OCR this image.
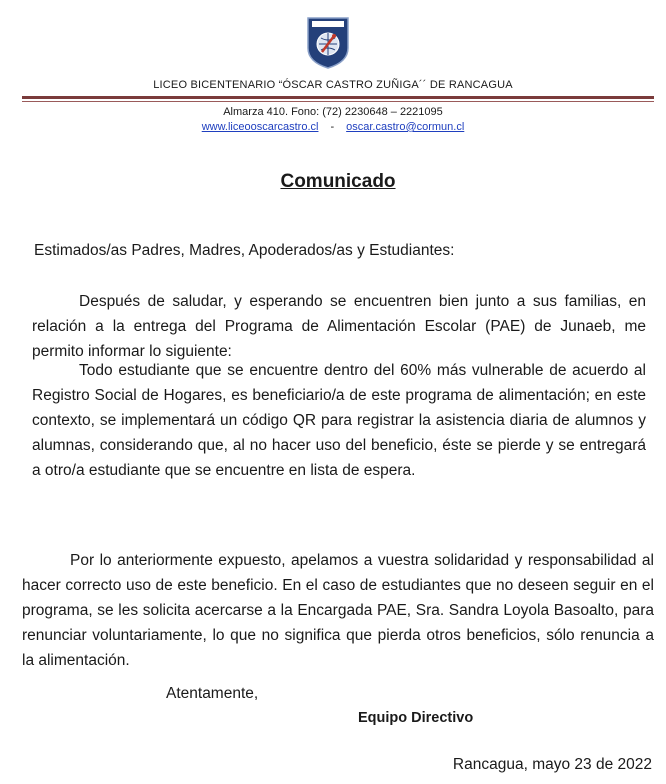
LICEO BICENTENARIO “ÓSCAR CASTRO ZUÑIGA´´ DE RANCAGUA
Almarza 410. Fono: (72) 2230648 – 2221095
www.liceooscarcastro.cl - oscar.castro@cormun.cl
Comunicado
Estimados/as Padres, Madres, Apoderados/as y Estudiantes:
Después de saludar, y esperando se encuentren bien junto a sus familias, en relación a la entrega del Programa de Alimentación Escolar (PAE) de Junaeb, me permito informar lo siguiente:
Todo estudiante que se encuentre dentro del 60% más vulnerable de acuerdo al Registro Social de Hogares, es beneficiario/a de este programa de alimentación; en este contexto, se implementará un código QR para registrar la asistencia diaria de alumnos y alumnas, considerando que, al no hacer uso del beneficio, éste se pierde y se entregará a otro/a estudiante que se encuentre en lista de espera.
Por lo anteriormente expuesto, apelamos a vuestra solidaridad y responsabilidad al hacer correcto uso de este beneficio. En el caso de estudiantes que no deseen seguir en el programa, se les solicita acercarse a la Encargada PAE, Sra. Sandra Loyola Basoalto, para renunciar voluntariamente, lo que no significa que pierda otros beneficios, sólo renuncia a la alimentación.
Atentamente,
Equipo Directivo
Rancagua, mayo 23 de 2022
